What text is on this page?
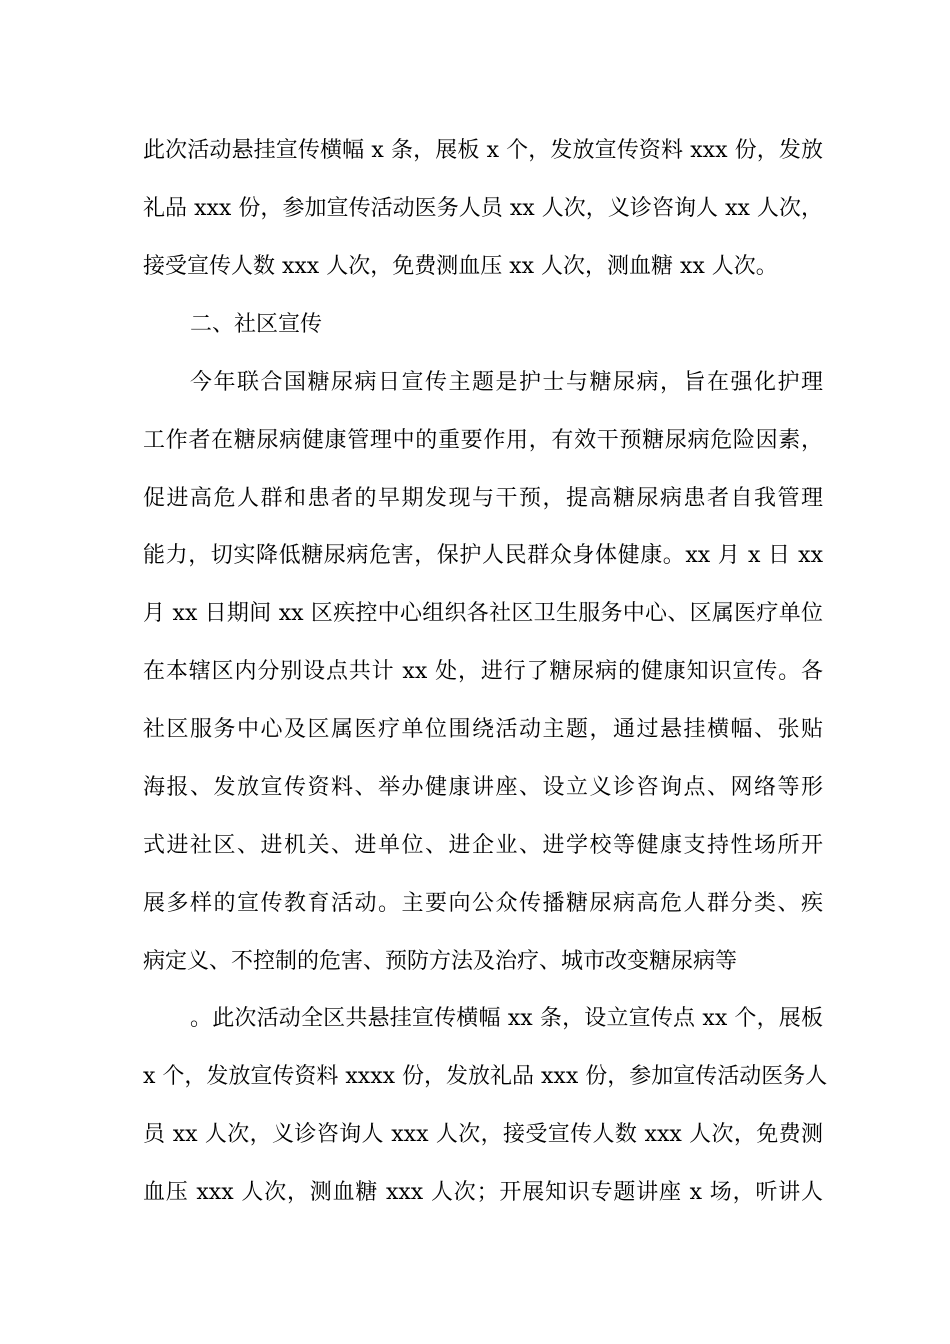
此次活动悬挂宣传横幅 x 条，展板 x 个，发放宣传资料 xxx 份，发放
礼品 xxx 份，参加宣传活动医务人员 xx 人次，义诊咨询人 xx 人次，
接受宣传人数 xxx 人次，免费测血压 xx 人次，测血糖 xx 人次。
二、社区宣传
今年联合国糖尿病日宣传主题是护士与糖尿病，旨在强化护理
工作者在糖尿病健康管理中的重要作用，有效干预糖尿病危险因素，
促进高危人群和患者的早期发现与干预，提高糖尿病患者自我管理
能力，切实降低糖尿病危害，保护人民群众身体健康。xx 月 x 日 xx
月 xx 日期间 xx 区疾控中心组织各社区卫生服务中心、区属医疗单位
在本辖区内分别设点共计 xx 处，进行了糖尿病的健康知识宣传。各
社区服务中心及区属医疗单位围绕活动主题，通过悬挂横幅、张贴
海报、发放宣传资料、举办健康讲座、设立义诊咨询点、网络等形
式进社区、进机关、进单位、进企业、进学校等健康支持性场所开
展多样的宣传教育活动。主要向公众传播糖尿病高危人群分类、疾
病定义、不控制的危害、预防方法及治疗、城市改变糖尿病等
。此次活动全区共悬挂宣传横幅 xx 条，设立宣传点 xx 个，展板
x 个，发放宣传资料 xxxx 份，发放礼品 xxx 份，参加宣传活动医务人
员 xx 人次，义诊咨询人 xxx 人次，接受宣传人数 xxx 人次，免费测
血压 xxx 人次，测血糖 xxx 人次；开展知识专题讲座 x 场，听讲人
